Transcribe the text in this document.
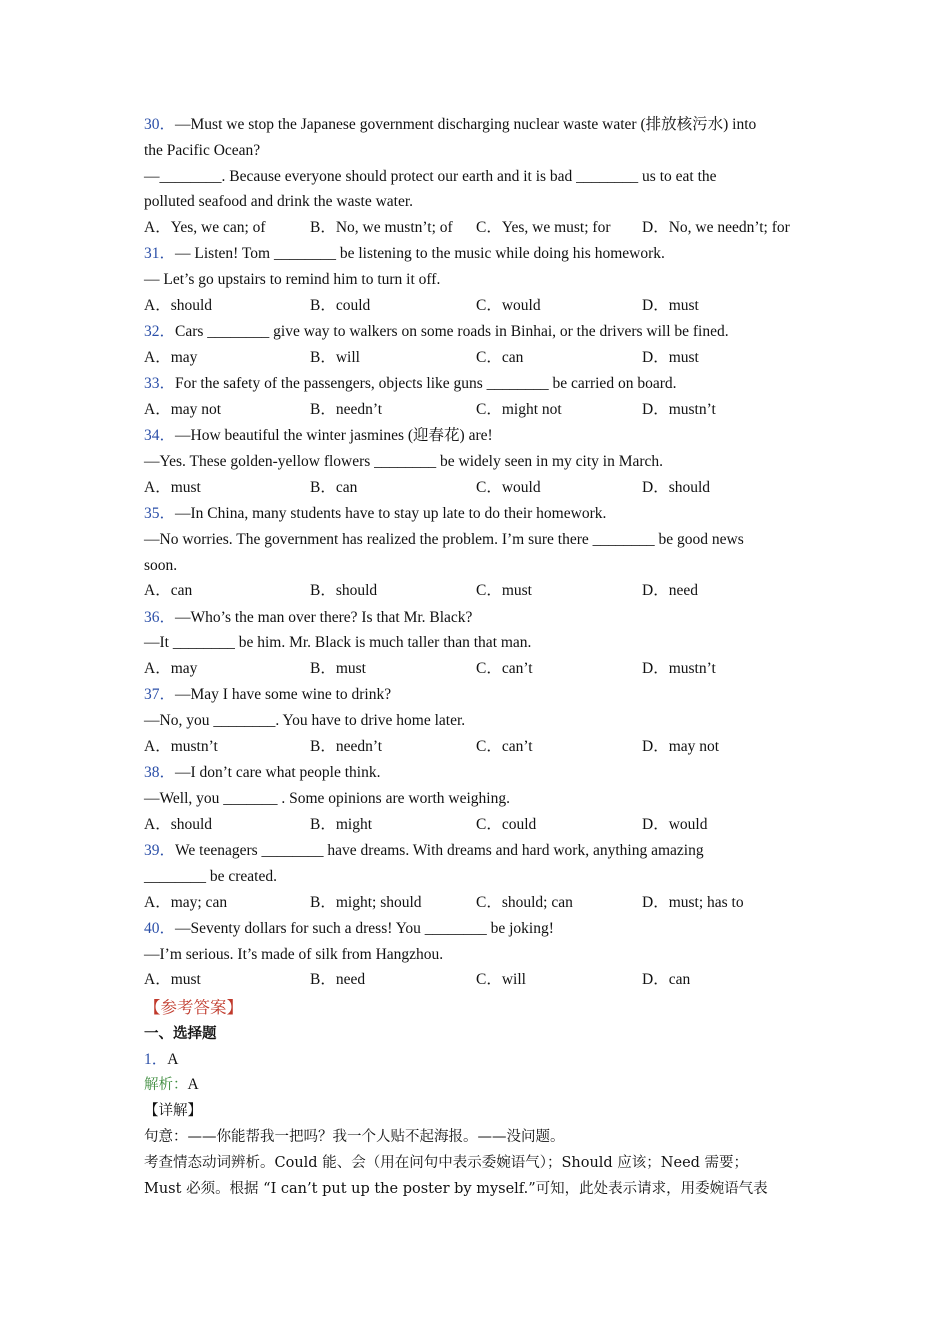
30．—Must we stop the Japanese government discharging nuclear waste water (排放核污水) into
the Pacific Ocean?
—________. Because everyone should protect our earth and it is bad ________ us to eat the
polluted seafood and drink the waste water.
A．Yes, we can; of	B．No, we mustn’t; of	C．Yes, we must; for	D．No, we needn’t; for
31．— Listen! Tom ________ be listening to the music while doing his homework.
— Let’s go upstairs to remind him to turn it off.
A．should	B．could	C．would	D．must
32．Cars ________ give way to walkers on some roads in Binhai, or the drivers will be fined.
A．may	B．will	C．can	D．must
33．For the safety of the passengers, objects like guns ________ be carried on board.
A．may not	B．needn’t	C．might not	D．mustn’t
34．—How beautiful the winter jasmines (迎春花) are!
—Yes. These golden-yellow flowers ________ be widely seen in my city in March.
A．must	B．can	C．would	D．should
35．—In China, many students have to stay up late to do their homework.
—No worries. The government has realized the problem. I’m sure there ________ be good news
soon.
A．can	B．should	C．must	D．need
36．—Who’s the man over there? Is that Mr. Black?
—It ________ be him. Mr. Black is much taller than that man.
A．may	B．must	C．can’t	D．mustn’t
37．—May I have some wine to drink?
—No, you ________. You have to drive home later.
A．mustn’t	B．needn’t	C．can’t	D．may not
38．—I don’t care what people think.
—Well, you _______ . Some opinions are worth weighing.
A．should	B．might	C．could	D．would
39．We teenagers ________ have dreams. With dreams and hard work, anything amazing
________ be created.
A．may; can	B．might; should	C．should; can	D．must; has to
40．—Seventy dollars for such a dress! You ________ be joking!
—I’m serious. It’s made of silk from Hangzhou.
A．must	B．need	C．will	D．can
【参考答案】
一、选择题
1．A
解析：A
【详解】
句意：——你能帮我一把吗？我一个人贴不起海报。——没问题。
考查情态动词辨析。Could 能、会（用在问句中表示委婉语气）；Should 应该；Need 需要；
Must 必须。根据 “I can’t put up the poster by myself.”可知，此处表示请求，用委婉语气表
